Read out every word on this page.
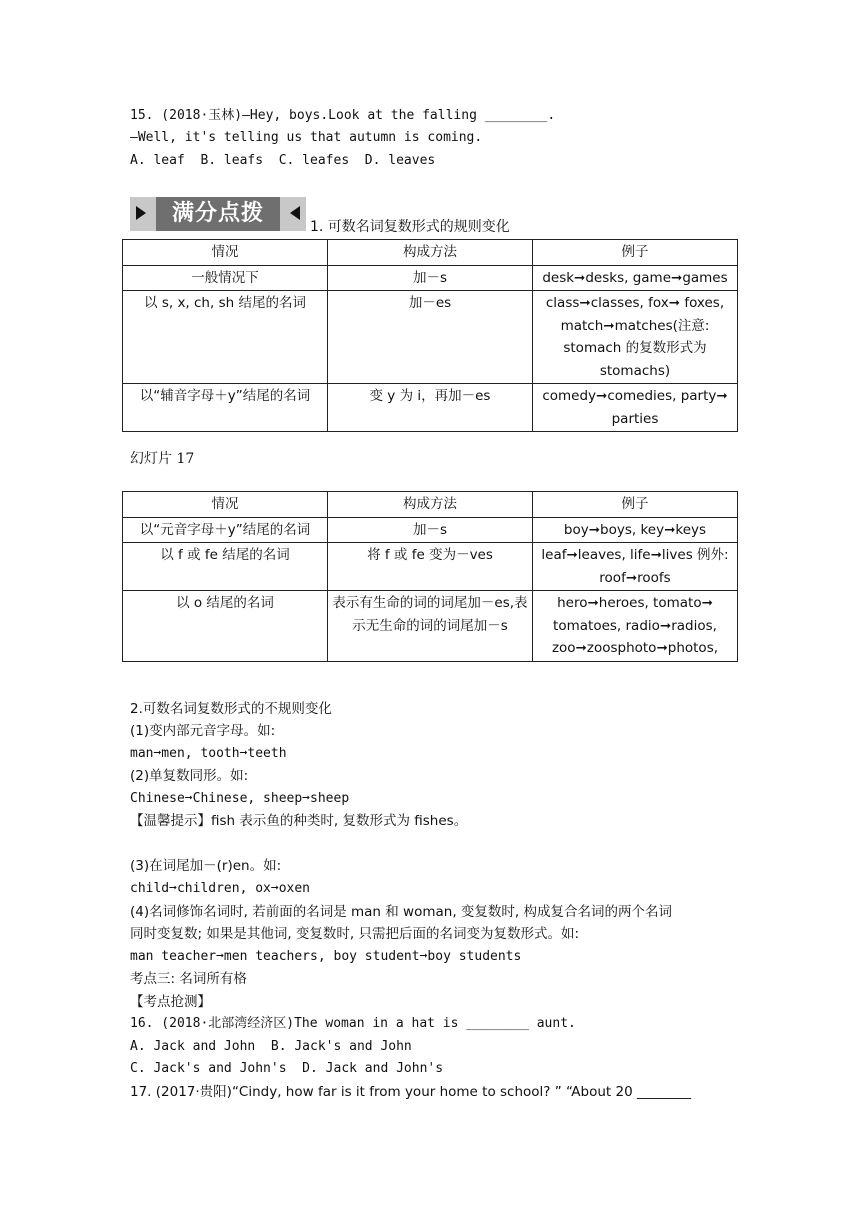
15. (2018·玉林)—Hey, boys.Look at the falling ________.
—Well, it's telling us that autumn is coming.
A. leaf  B. leafs  C. leafes  D. leaves
满分点拨
1. 可数名词复数形式的规则变化
情况	构成方法	例子
一般情况下	加－s	desk➞desks, game➞games
以 s, x, ch, sh 结尾的名词	加－es	class➞classes, fox➞ foxes, match➞matches(注意: stomach 的复数形式为 stomachs)
以“辅音字母＋y”结尾的名词	变 y 为 i，再加－es	comedy➞comedies, party➞ parties
幻灯片 17
情况	构成方法	例子
以“元音字母＋y”结尾的名词	加－s	boy➞boys, key➞keys
以 f 或 fe 结尾的名词	将 f 或 fe 变为－ves	leaf➞leaves, life➞lives 例外: roof➞roofs
以 o 结尾的名词	表示有生命的词的词尾加－es,表示无生命的词的词尾加－s	hero➞heroes, tomato➞ tomatoes, radio➞radios, zoo➞zoosphoto➞photos,
2.可数名词复数形式的不规则变化
(1)变内部元音字母。如:
man➞men, tooth➞teeth
(2)单复数同形。如:
Chinese➞Chinese, sheep➞sheep
【温馨提示】fish 表示鱼的种类时, 复数形式为 fishes。
(3)在词尾加－(r)en。如:
child➞children, ox➞oxen
(4)名词修饰名词时, 若前面的名词是 man 和 woman, 变复数时, 构成复合名词的两个名词
同时变复数; 如果是其他词, 变复数时, 只需把后面的名词变为复数形式。如:
man teacher➞men teachers, boy student➞boy students
考点三: 名词所有格
【考点抢测】
16. (2018·北部湾经济区)The woman in a hat is ________ aunt.
A. Jack and John  B. Jack's and John
C. Jack's and John's  D. Jack and John's
17. (2017·贵阳)“Cindy, how far is it from your home to school? ” “About 20 ________
